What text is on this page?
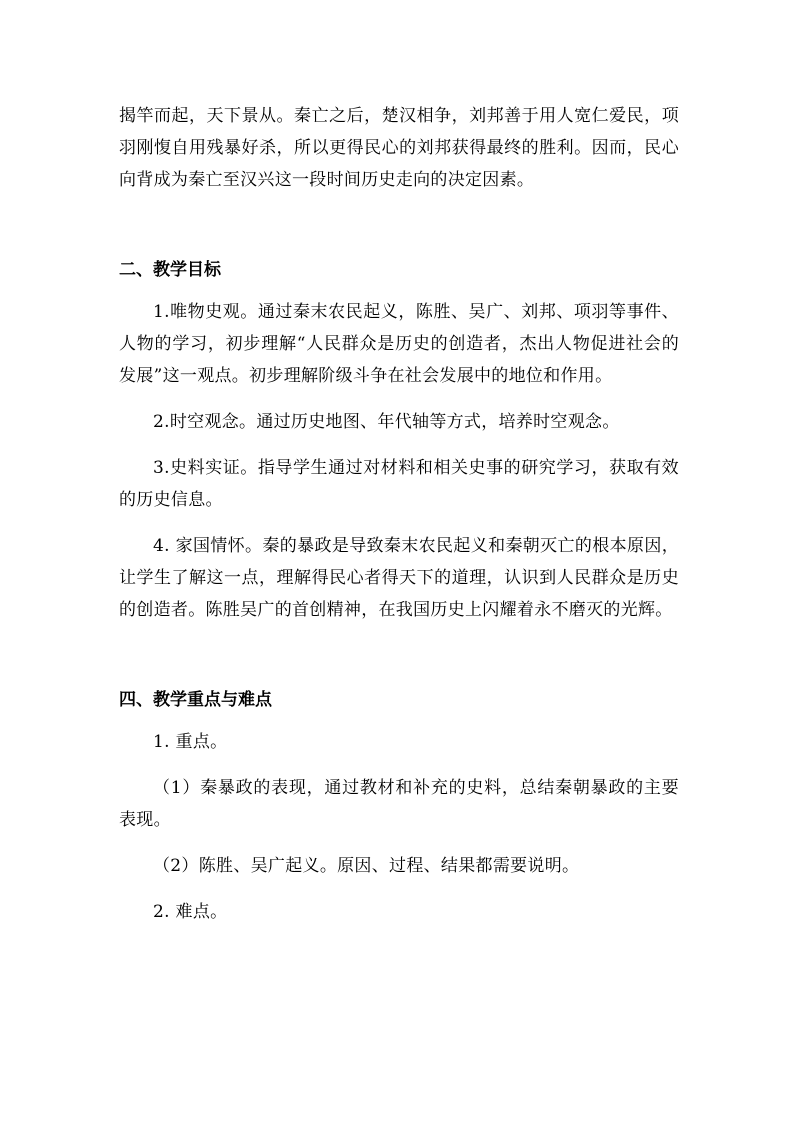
揭竿而起，天下景从。秦亡之后，楚汉相争，刘邦善于用人宽仁爱民，项羽刚愎自用残暴好杀，所以更得民心的刘邦获得最终的胜利。因而，民心向背成为秦亡至汉兴这一段时间历史走向的决定因素。

二、教学目标

1.唯物史观。通过秦末农民起义，陈胜、吴广、刘邦、项羽等事件、人物的学习，初步理解“人民群众是历史的创造者，杰出人物促进社会的发展”这一观点。初步理解阶级斗争在社会发展中的地位和作用。

2.时空观念。通过历史地图、年代轴等方式，培养时空观念。

3.史料实证。指导学生通过对材料和相关史事的研究学习，获取有效的历史信息。

4. 家国情怀。秦的暴政是导致秦末农民起义和秦朝灭亡的根本原因，让学生了解这一点，理解得民心者得天下的道理，认识到人民群众是历史的创造者。陈胜吴广的首创精神，在我国历史上闪耀着永不磨灭的光辉。

四、教学重点与难点

1. 重点。

（1）秦暴政的表现，通过教材和补充的史料，总结秦朝暴政的主要表现。

（2）陈胜、吴广起义。原因、过程、结果都需要说明。

2. 难点。
